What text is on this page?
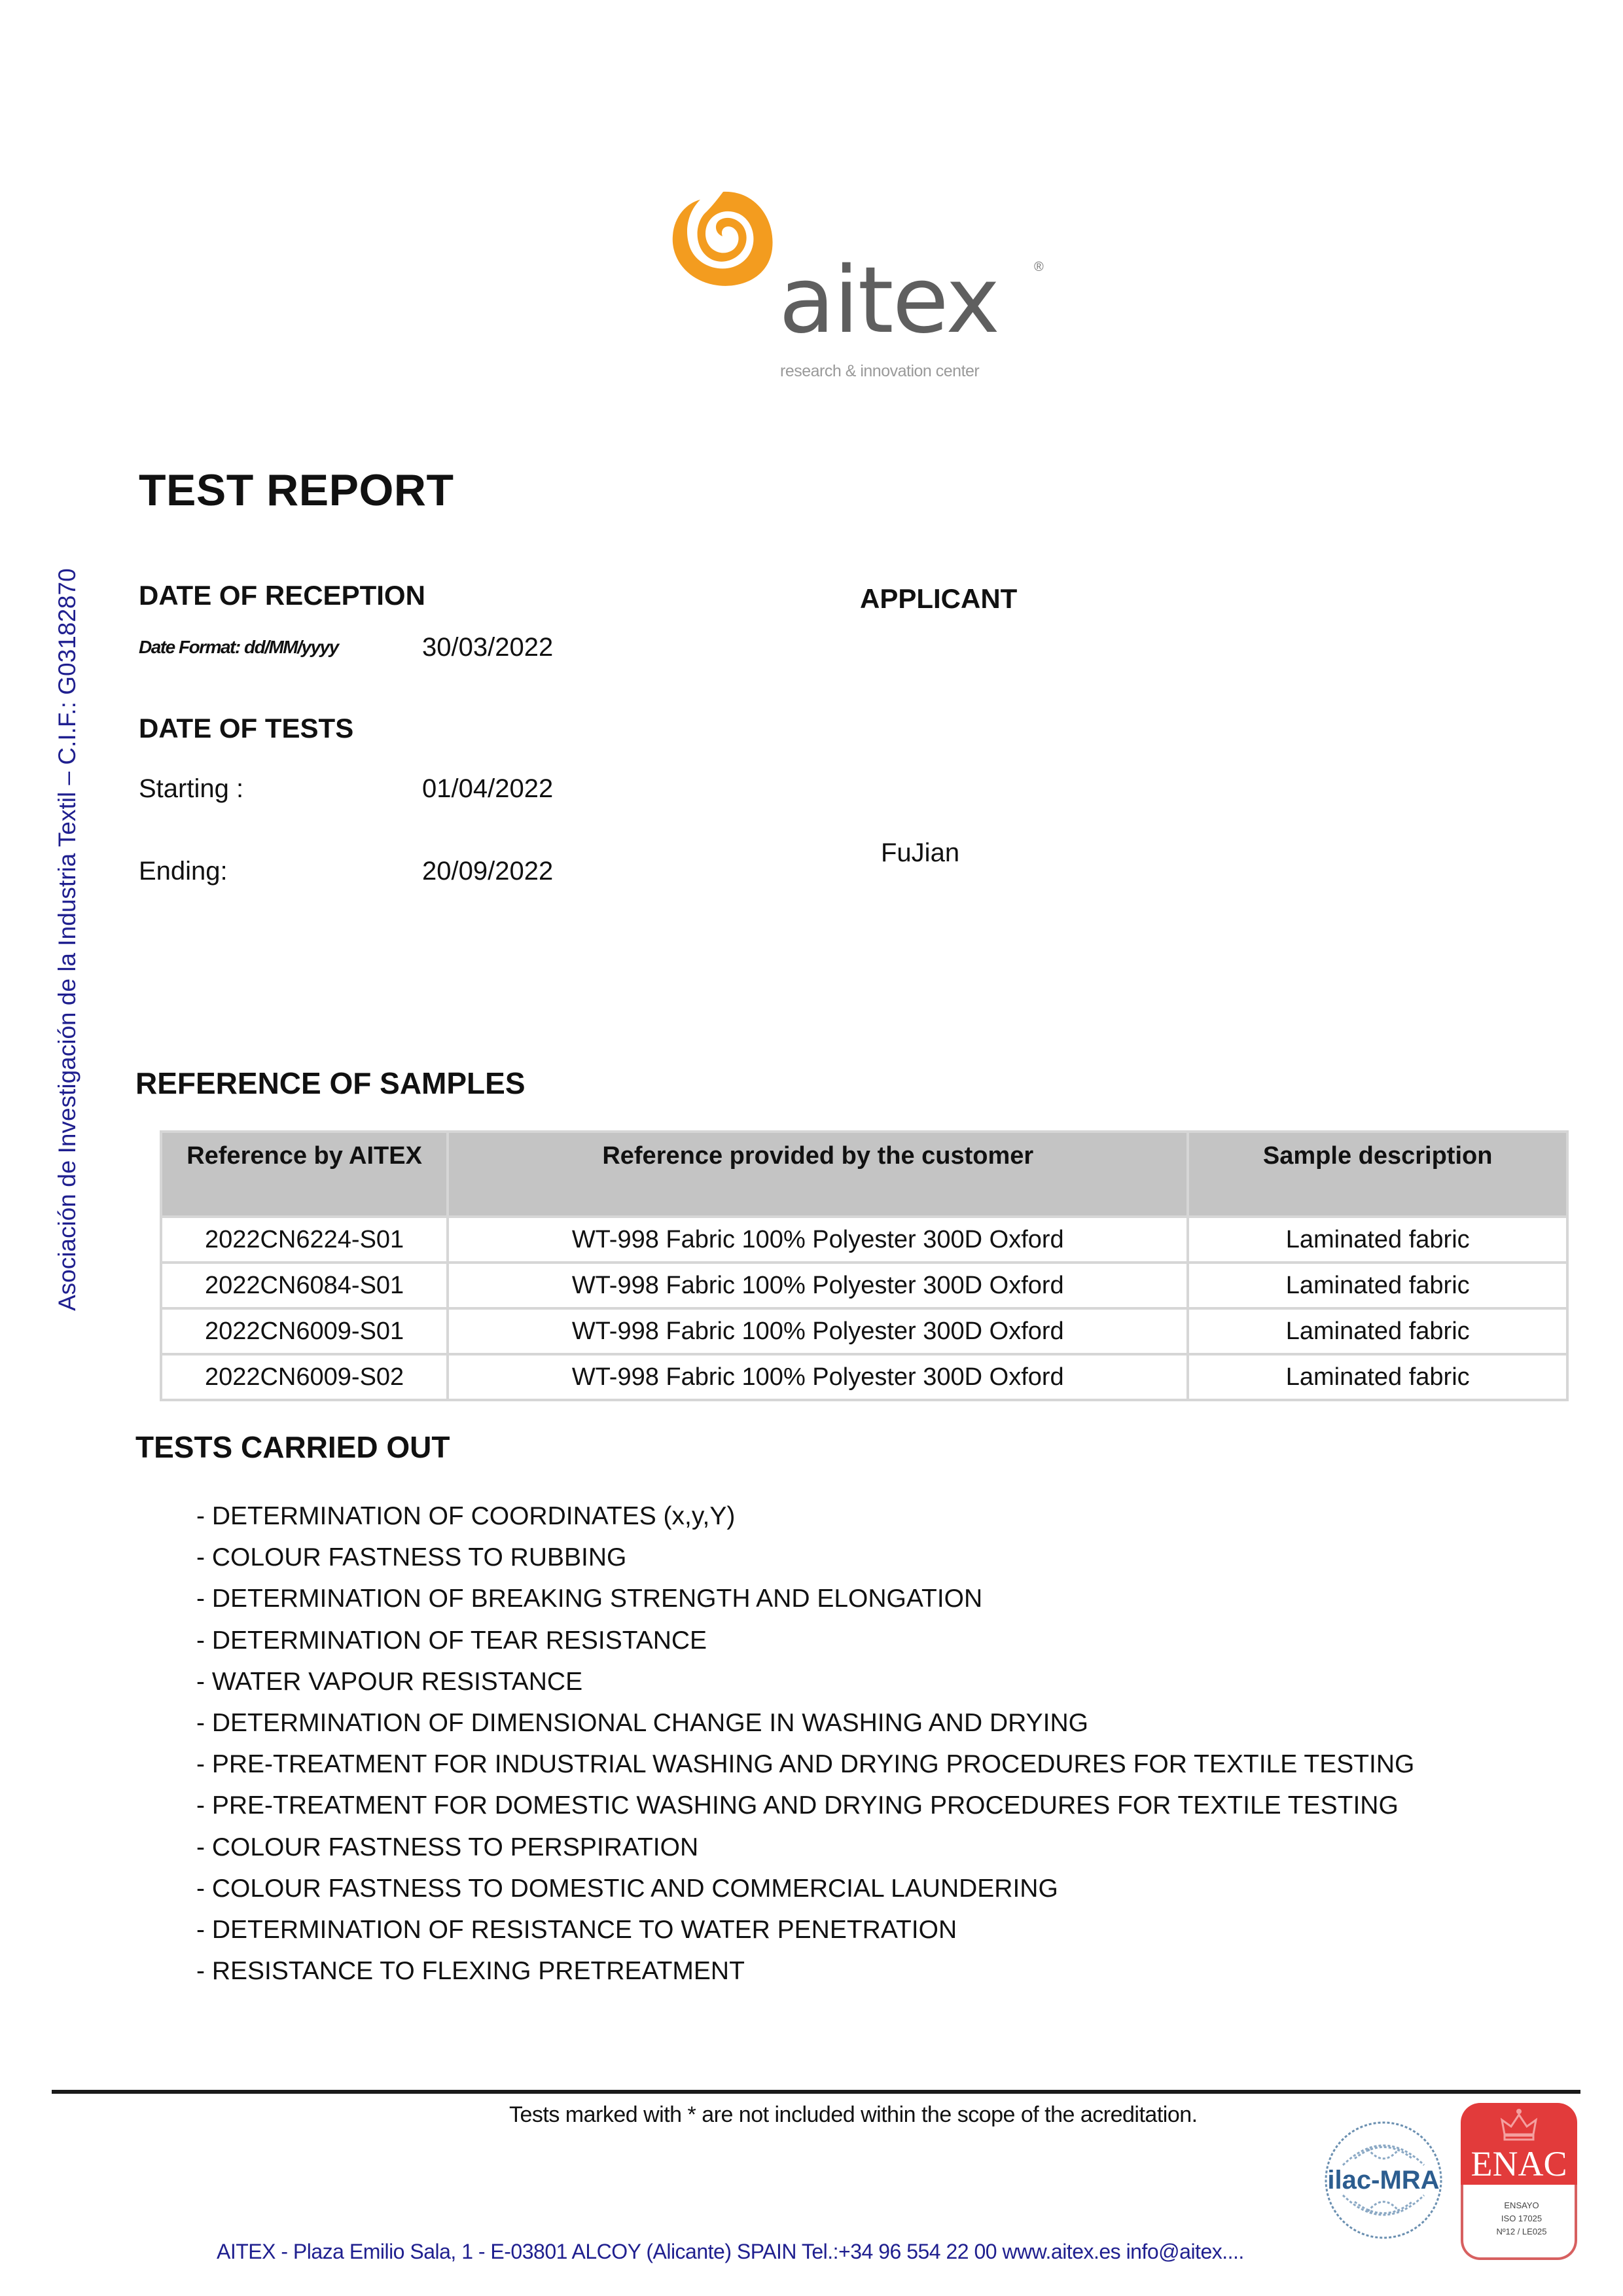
aitex	®
research & innovation center
Asociación de Investigación de la Industria Textil – C.I.F.: G03182870
TEST REPORT
DATE OF RECEPTION
Date Format: dd/MM/yyyy	30/03/2022
DATE OF TESTS
Starting :	01/04/2022
Ending:	20/09/2022
APPLICANT
FuJian
REFERENCE OF SAMPLES
Reference by AITEX	Reference provided by the customer	Sample description
2022CN6224-S01	WT-998 Fabric 100% Polyester 300D Oxford	Laminated fabric
2022CN6084-S01	WT-998 Fabric 100% Polyester 300D Oxford	Laminated fabric
2022CN6009-S01	WT-998 Fabric 100% Polyester 300D Oxford	Laminated fabric
2022CN6009-S02	WT-998 Fabric 100% Polyester 300D Oxford	Laminated fabric
TESTS CARRIED OUT
- DETERMINATION OF COORDINATES (x,y,Y)
- COLOUR FASTNESS TO RUBBING
- DETERMINATION OF BREAKING STRENGTH AND ELONGATION
- DETERMINATION OF TEAR RESISTANCE
- WATER VAPOUR RESISTANCE
- DETERMINATION OF DIMENSIONAL CHANGE IN WASHING AND DRYING
- PRE-TREATMENT FOR INDUSTRIAL WASHING AND DRYING PROCEDURES FOR TEXTILE TESTING
- PRE-TREATMENT FOR DOMESTIC WASHING AND DRYING PROCEDURES FOR TEXTILE TESTING
- COLOUR FASTNESS TO PERSPIRATION
- COLOUR FASTNESS TO DOMESTIC AND COMMERCIAL LAUNDERING
- DETERMINATION OF RESISTANCE TO WATER PENETRATION
- RESISTANCE TO FLEXING PRETREATMENT
Tests marked with * are not included within the scope of the acreditation.
ilac-MRA ENAC
ENSAYO
ISO 17025
Nº12 / LE025
AITEX - Plaza Emilio Sala, 1 - E-03801 ALCOY (Alicante) SPAIN Tel.:+34 96 554 22 00 www.aitex.es info@aitex....
